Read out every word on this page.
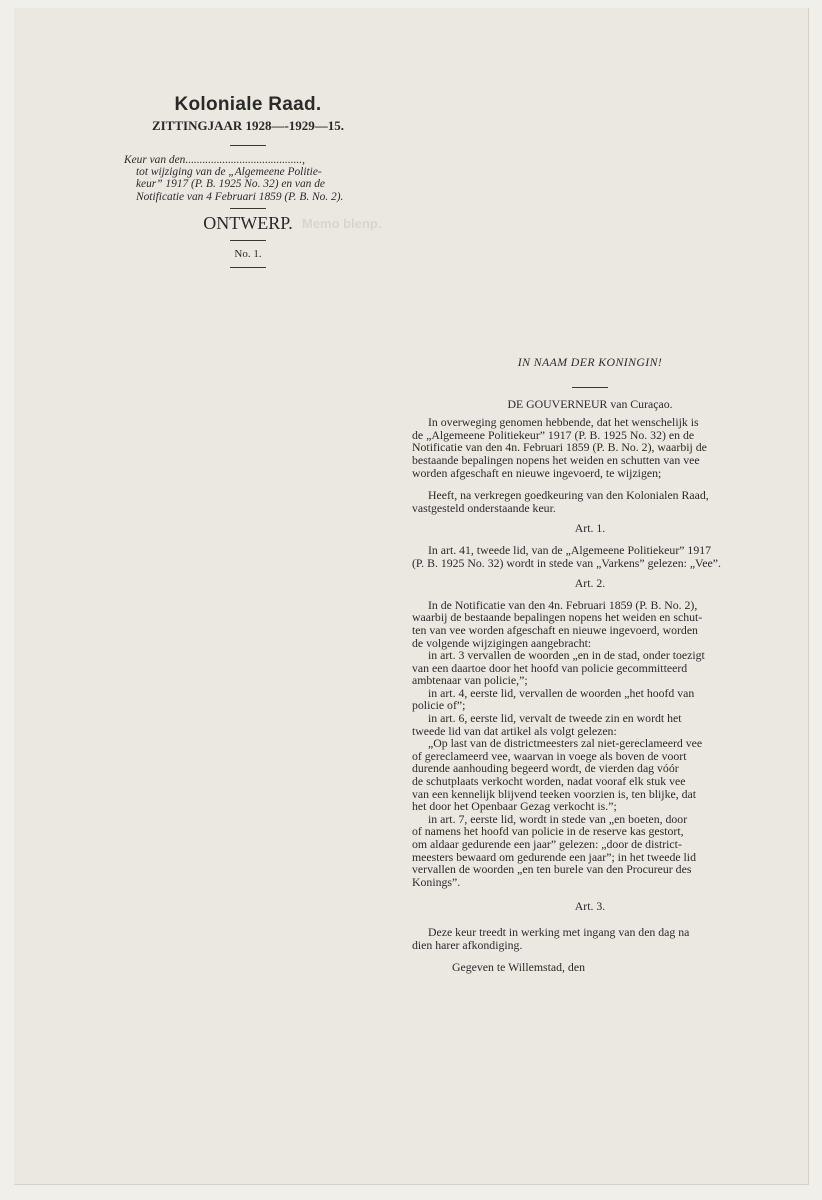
Memo blenp.
Koloniale Raad.
ZITTINGJAAR 1928—-1929—15.
Keur van den.........................................,
tot wijziging van de „Algemeene Politie-
keur” 1917 (P. B. 1925 No. 32) en van de
Notificatie van 4 Februari 1859 (P. B. No. 2).
ONTWERP.
No. 1.
IN NAAM DER KONINGIN!
DE GOUVERNEUR van Curaçao.
In overweging genomen hebbende, dat het wenschelijk is
de „Algemeene Politiekeur” 1917 (P. B. 1925 No. 32) en de
Notificatie van den 4n. Februari 1859 (P. B. No. 2), waarbij de
bestaande bepalingen nopens het weiden en schutten van vee
worden afgeschaft en nieuwe ingevoerd, te wijzigen;
Heeft, na verkregen goedkeuring van den Kolonialen Raad,
vastgesteld onderstaande keur.
Art. 1.
In art. 41, tweede lid, van de „Algemeene Politiekeur” 1917
(P. B. 1925 No. 32) wordt in stede van „Varkens” gelezen: „Vee”.
Art. 2.
In de Notificatie van den 4n. Februari 1859 (P. B. No. 2),
waarbij de bestaande bepalingen nopens het weiden en schut-
ten van vee worden afgeschaft en nieuwe ingevoerd, worden
de volgende wijzigingen aangebracht:
in art. 3 vervallen de woorden „en in de stad, onder toezigt
van een daartoe door het hoofd van policie gecommitteerd
ambtenaar van policie,”;
in art. 4, eerste lid, vervallen de woorden „het hoofd van
policie of”;
in art. 6, eerste lid, vervalt de tweede zin en wordt het
tweede lid van dat artikel als volgt gelezen:
„Op last van de districtmeesters zal niet-gereclameerd vee
of gereclameerd vee, waarvan in voege als boven de voort
durende aanhouding begeerd wordt, de vierden dag vóór
de schutplaats verkocht worden, nadat vooraf elk stuk vee
van een kennelijk blijvend teeken voorzien is, ten blijke, dat
het door het Openbaar Gezag verkocht is.”;
in art. 7, eerste lid, wordt in stede van „en boeten, door
of namens het hoofd van policie in de reserve kas gestort,
om aldaar gedurende een jaar” gelezen: „door de district-
meesters bewaard om gedurende een jaar”; in het tweede lid
vervallen de woorden „en ten burele van den Procureur des
Konings”.
Art. 3.
Deze keur treedt in werking met ingang van den dag na
dien harer afkondiging.
Gegeven te Willemstad, den
